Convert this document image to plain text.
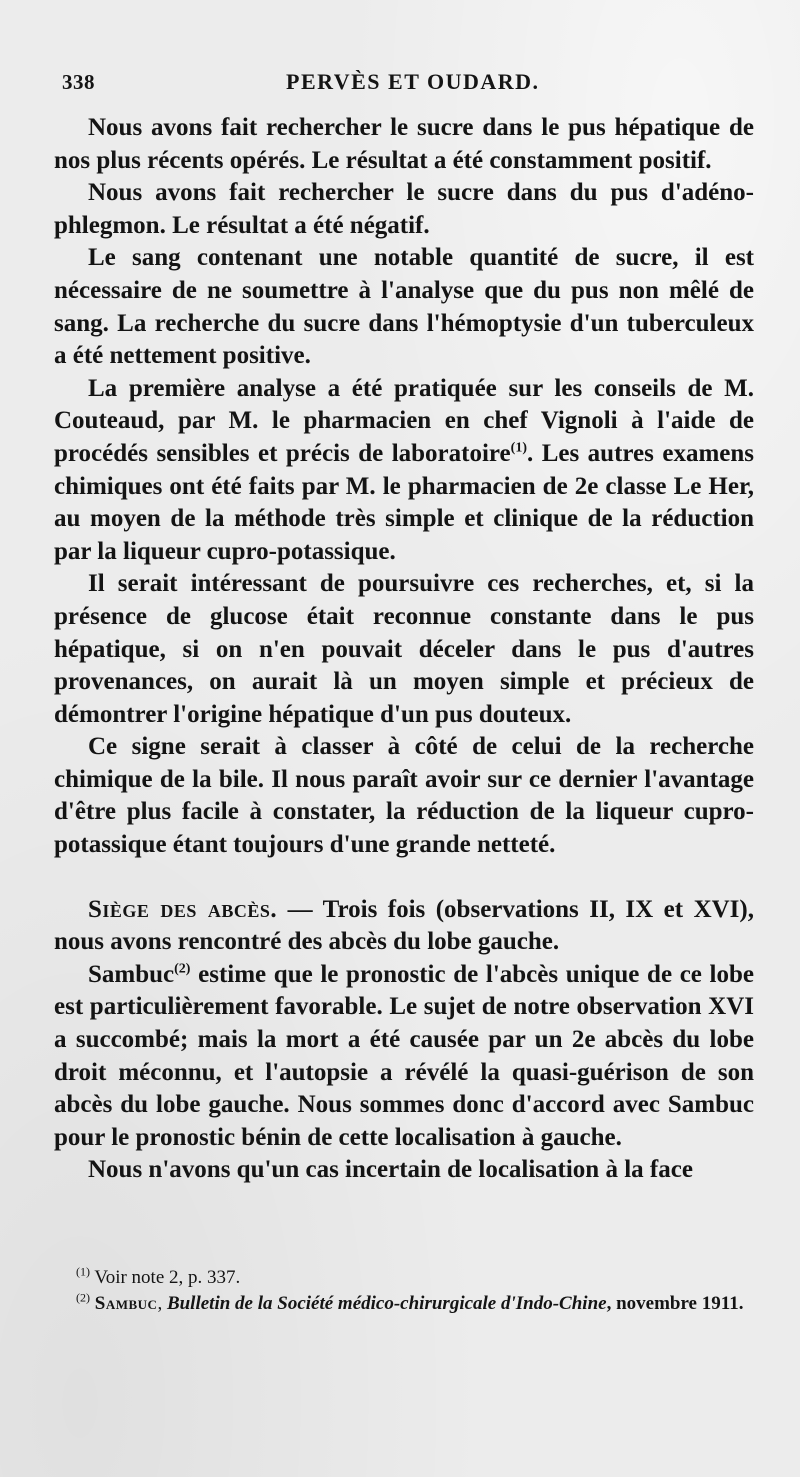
338	PERVÈS ET OUDARD.

Nous avons fait rechercher le sucre dans le pus hépatique de nos plus récents opérés. Le résultat a été constamment positif.

Nous avons fait rechercher le sucre dans du pus d'adéno-phlegmon. Le résultat a été négatif.

Le sang contenant une notable quantité de sucre, il est nécessaire de ne soumettre à l'analyse que du pus non mêlé de sang. La recherche du sucre dans l'hémoptysie d'un tuberculeux a été nettement positive.

La première analyse a été pratiquée sur les conseils de M. Couteaud, par M. le pharmacien en chef Vignoli à l'aide de procédés sensibles et précis de laboratoire$^{(1)}$. Les autres examens chimiques ont été faits par M. le pharmacien de 2e classe Le Her, au moyen de la méthode très simple et clinique de la réduction par la liqueur cupro-potassique.

Il serait intéressant de poursuivre ces recherches, et, si la présence de glucose était reconnue constante dans le pus hépatique, si on n'en pouvait déceler dans le pus d'autres provenances, on aurait là un moyen simple et précieux de démontrer l'origine hépatique d'un pus douteux.

Ce signe serait à classer à côté de celui de la recherche chimique de la bile. Il nous paraît avoir sur ce dernier l'avantage d'être plus facile à constater, la réduction de la liqueur cupro-potassique étant toujours d'une grande netteté.

Siège des abcès. — Trois fois (observations II, IX et XVI), nous avons rencontré des abcès du lobe gauche.

Sambuc$^{(2)}$ estime que le pronostic de l'abcès unique de ce lobe est particulièrement favorable. Le sujet de notre observation XVI a succombé; mais la mort a été causée par un 2e abcès du lobe droit méconnu, et l'autopsie a révélé la quasi-guérison de son abcès du lobe gauche. Nous sommes donc d'accord avec Sambuc pour le pronostic bénin de cette localisation à gauche.

Nous n'avons qu'un cas incertain de localisation à la face

$^{(1)}$ Voir note 2, p. 337.

$^{(2)}$ Sambuc, Bulletin de la Société médico-chirurgicale d'Indo-Chine, novembre 1911.
